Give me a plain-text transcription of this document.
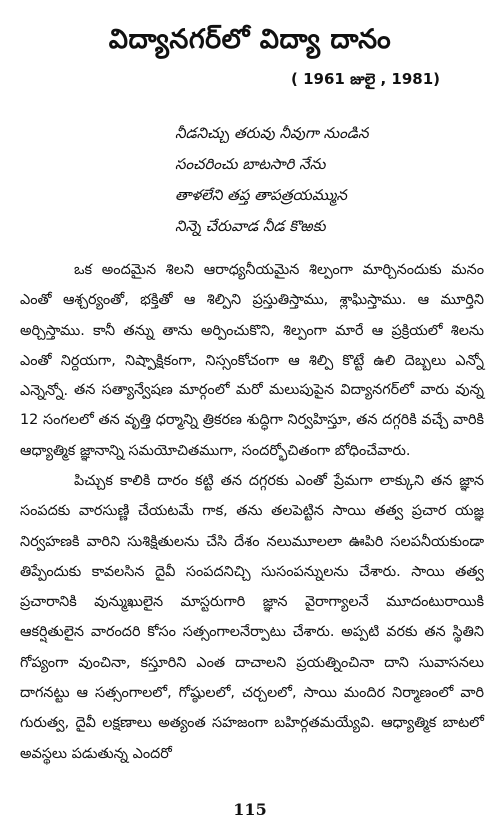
విద్యానగర్‌లో విద్యా దానం
( 1961 జులై , 1981)
నీడనిచ్చు తరువు నీవుగా నుండిన
సంచరించు బాటసారి నేను
తాళలేని తప్త తాపత్రయమ్మున
నిన్నె చేరువాడ నీడ కొఱకు

ఒక అందమైన శిలని ఆరాధ్యనీయమైన శిల్పంగా మార్చినందుకు మనం ఎంతో ఆశ్చర్యంతో, భక్తితో ఆ శిల్పిని ప్రస్తుతిస్తాము, శ్లాఘిస్తాము. ఆ మూర్తిని అర్చిస్తాము. కానీ తన్ను తాను అర్పించుకొని, శిల్పంగా మారే ఆ ప్రక్రియలో శిలను ఎంతో నిర్దయగా, నిష్పాక్షికంగా, నిస్సంకోచంగా ఆ శిల్పి కొట్టే ఉలి దెబ్బలు ఎన్నో ఎన్నెన్నో. తన సత్యాన్వేషణ మార్గంలో మరో మలుపుపైన విద్యానగర్‌లో వారు వున్న 12 సంగలలో తన వృత్తి ధర్మాన్ని త్రికరణ శుద్ధిగా నిర్వహిస్తూ, తన దగ్గరికి వచ్చే వారికి ఆధ్యాత్మిక జ్ఞానాన్ని సమయోచితముగా, సందర్భోచితంగా బోధించేవారు.

పిచ్చుక కాలికి దారం కట్టి తన దగ్గరకు ఎంతో ప్రేమగా లాక్కుని తన జ్ఞాన సంపదకు వారసుణ్ణి చేయటమే గాక, తను తలపెట్టిన సాయి తత్వ ప్రచార యజ్ఞ నిర్వహణకి వారిని సుశిక్షితులను చేసి దేశం నలుమూలలా ఊపిరి సలపనీయకుండా తిప్పేందుకు కావలసిన దైవీ సంపదనిచ్చి సుసంపన్నులను చేశారు. సాయి తత్వ ప్రచారానికి వున్ముఖులైన మాస్టరుగారి జ్ఞాన వైరాగ్యాలనే మూదంటురాయికి ఆకర్షితులైన వారందరి కోసం సత్సంగాలనేర్పాటు చేశారు. అప్పటి వరకు తన స్థితిని గోప్యంగా వుంచినా, కస్తూరిని ఎంత దాచాలని ప్రయత్నించినా దాని సువాసనలు దాగనట్టు ఆ సత్సంగాలలో, గోష్ఠులలో, చర్చలలో, సాయి మందిర నిర్మాణంలో వారి గురుత్వ, దైవీ లక్షణాలు అత్యంత సహజంగా బహిర్గతమయ్యేవి. ఆధ్యాత్మిక బాటలో అవస్థలు పడుతున్న ఎందరో

115
